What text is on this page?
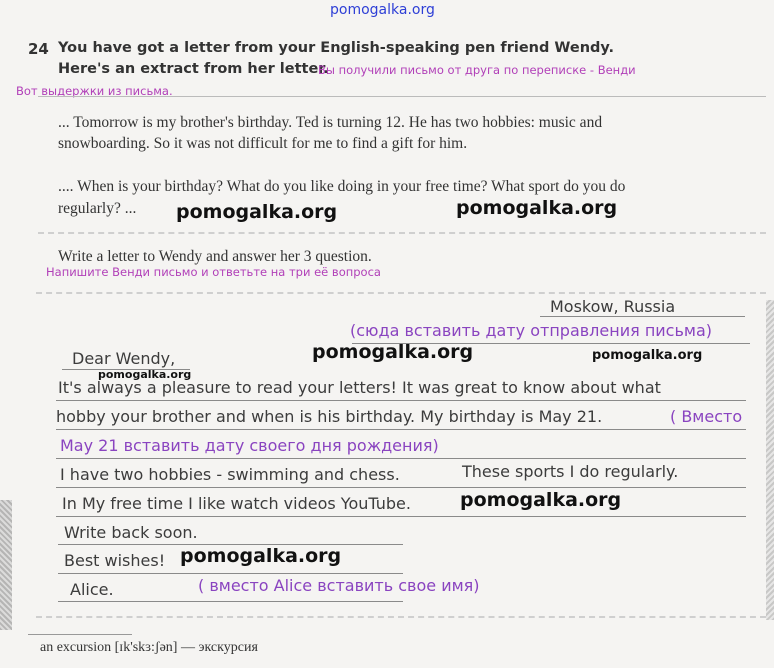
pomogalka.org
24 You have got a letter from your English-speaking pen friend Wendy.
Here's an extract from her letter.
Вы получили письмо от друга по переписке - Венди
Вот выдержки из письма.
... Tomorrow is my brother's birthday. Ted is turning 12. He has two hobbies: music and
snowboarding. So it was not difficult for me to find a gift for him.
.... When is your birthday? What do you like doing in your free time? What sport do you do
regularly? ... pomogalka.org	pomogalka.org
Write a letter to Wendy and answer her 3 question.
Напишите Венди письмо и ответьте на три её вопроса
Moskow, Russia
(сюда вставить дату отправления письма)
Dear Wendy,	pomogalka.org	pomogalka.org
pomogalka.org
It's always a pleasure to read your letters! It was great to know about what
hobby your brother and when is his birthday. My birthday is May 21.	( Вместо
May 21 вставить дату своего дня рождения)
I have two hobbies - swimming and chess.	These sports I do regularly.
In My free time I like watch videos YouTube.	pomogalka.org
Write back soon.
Best wishes! pomogalka.org
Alice.	( вместо Alice вставить свое имя)
an excursion [ɪk'skɜ:ʃən] — экскурсия
